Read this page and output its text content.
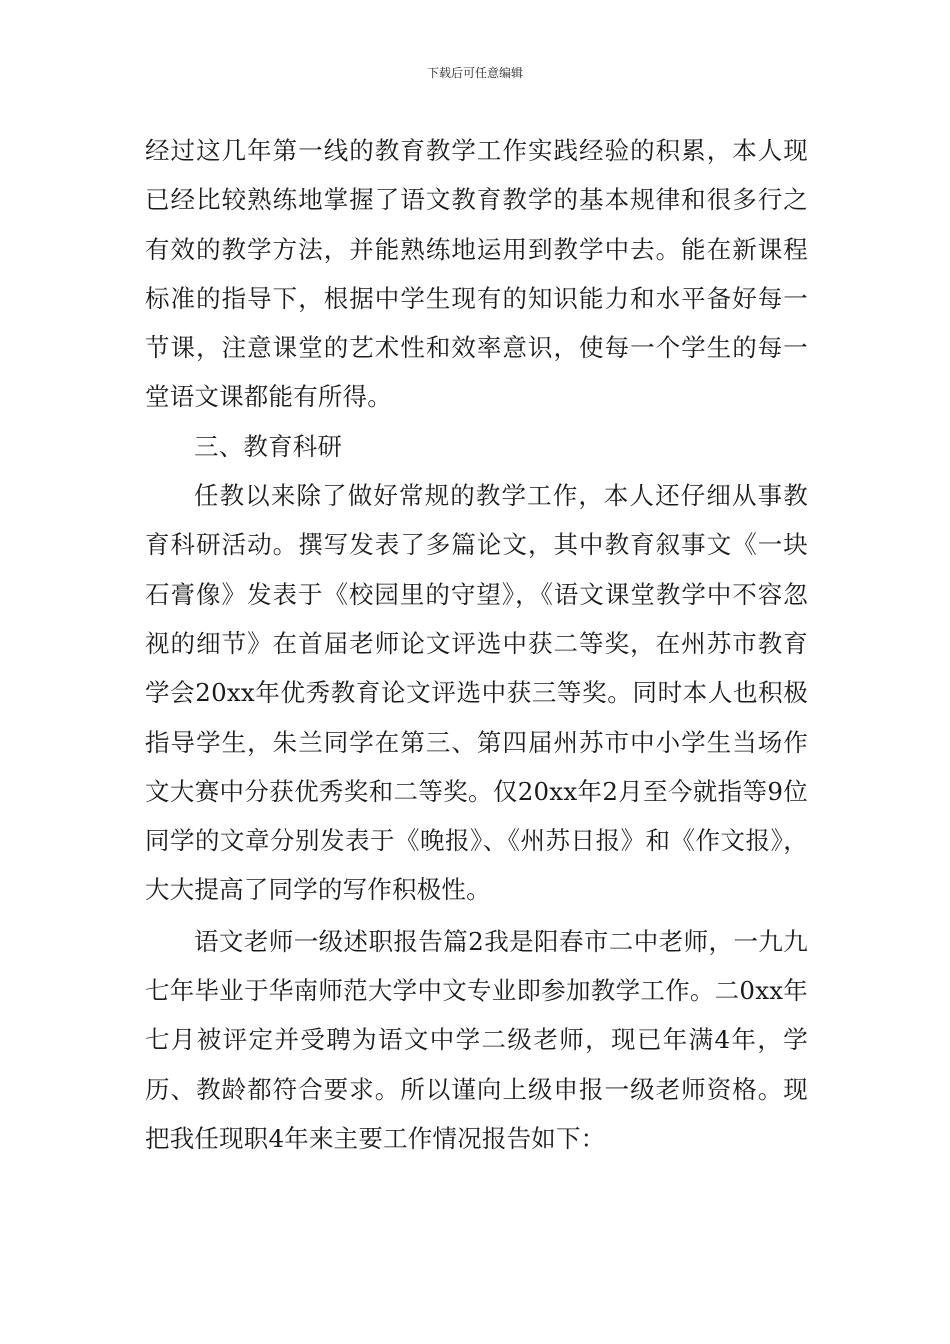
下载后可任意编辑

经过这几年第一线的教育教学工作实践经验的积累，本人现已经比较熟练地掌握了语文教育教学的基本规律和很多行之有效的教学方法，并能熟练地运用到教学中去。能在新课程标准的指导下，根据中学生现有的知识能力和水平备好每一节课，注意课堂的艺术性和效率意识，使每一个学生的每一堂语文课都能有所得。

三、教育科研

任教以来除了做好常规的教学工作，本人还仔细从事教育科研活动。撰写发表了多篇论文，其中教育叙事文《一块石膏像》发表于《校园里的守望》，《语文课堂教学中不容忽视的细节》在首届老师论文评选中获二等奖，在州苏市教育学会20xx年优秀教育论文评选中获三等奖。同时本人也积极指导学生，朱兰同学在第三、第四届州苏市中小学生当场作文大赛中分获优秀奖和二等奖。仅20xx年2月至今就指等9位同学的文章分别发表于《晚报》、《州苏日报》和《作文报》，大大提高了同学的写作积极性。

语文老师一级述职报告篇2我是阳春市二中老师，一九九七年毕业于华南师范大学中文专业即参加教学工作。二0xx年七月被评定并受聘为语文中学二级老师，现已年满4年，学历、教龄都符合要求。所以谨向上级申报一级老师资格。现把我任现职4年来主要工作情况报告如下：
